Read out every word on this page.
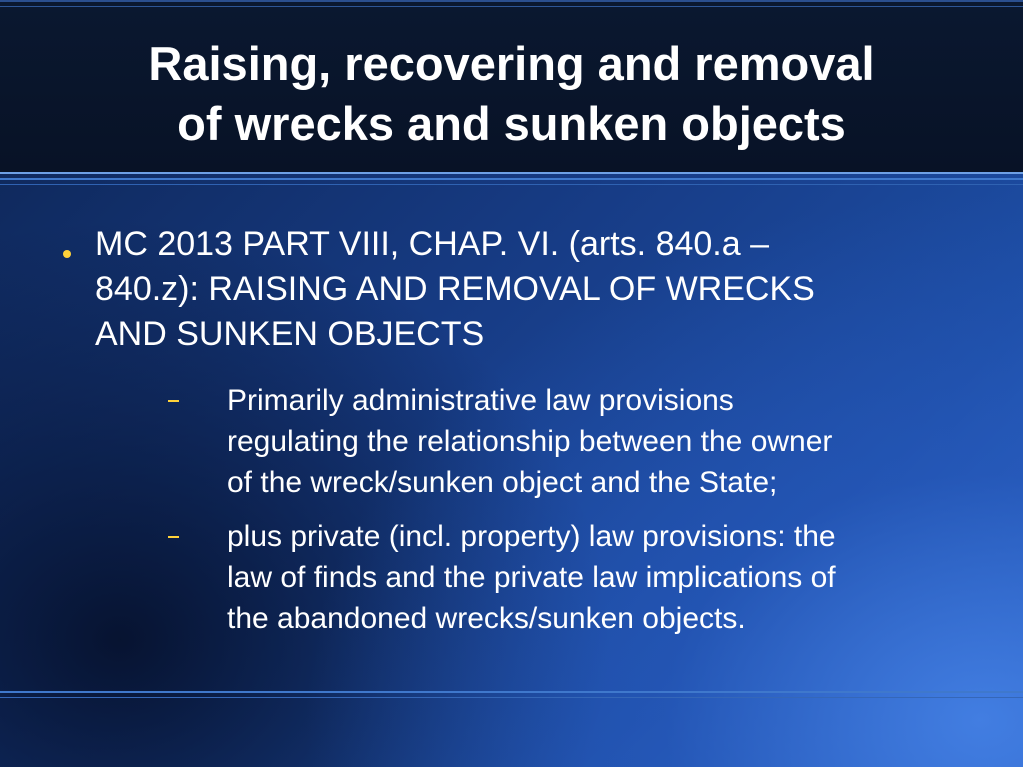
Raising, recovering and removal
of wrecks and sunken objects
MC 2013 PART VIII, CHAP. VI. (arts. 840.a –
840.z): RAISING AND REMOVAL OF WRECKS
AND SUNKEN OBJECTS
Primarily administrative law provisions
regulating the relationship between the owner
of the wreck/sunken object and the State;
plus private (incl. property) law provisions: the
law of finds and the private law implications of
the abandoned wrecks/sunken objects.
